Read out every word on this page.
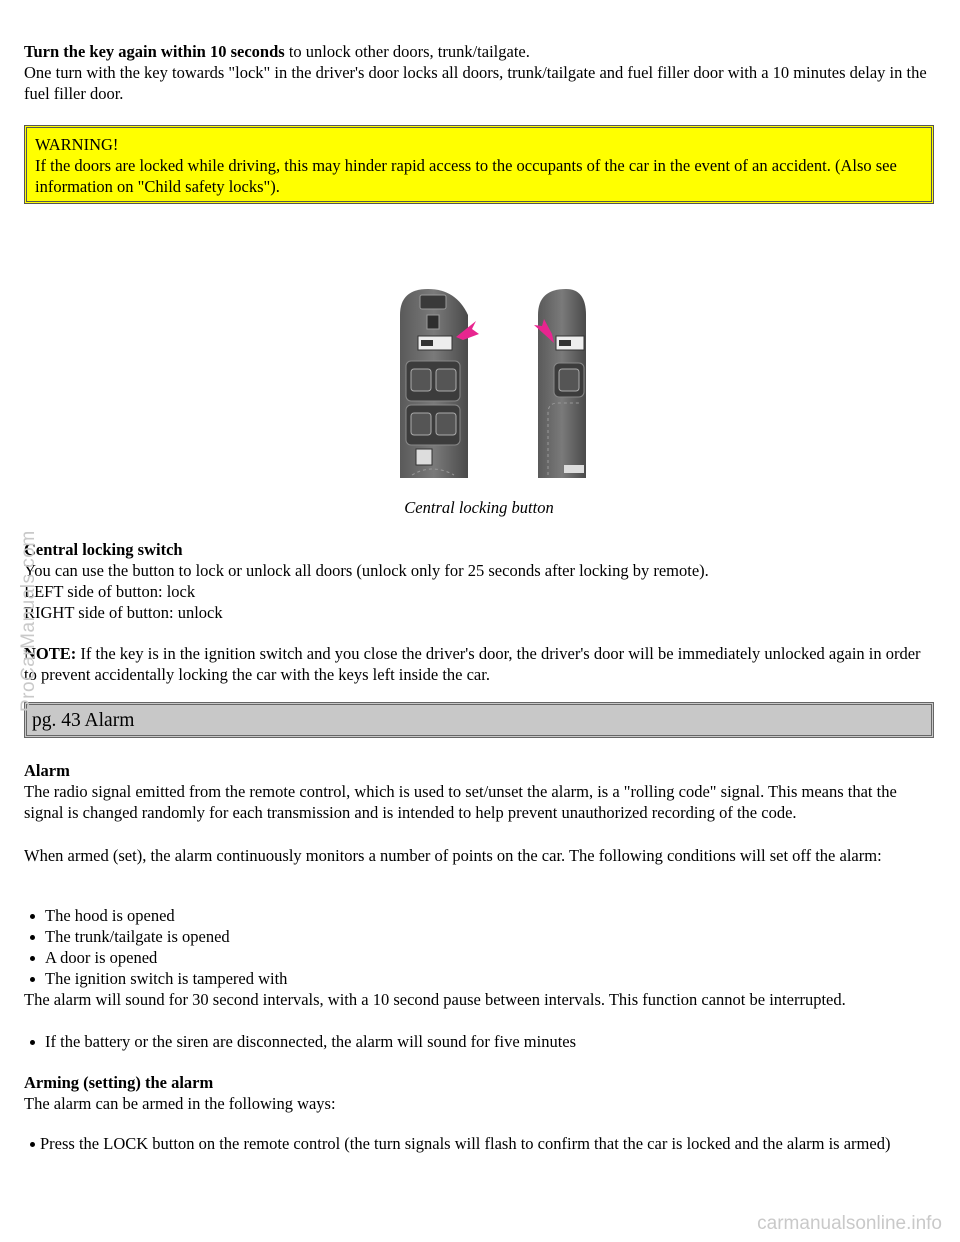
Turn the key again within 10 seconds to unlock other doors, trunk/tailgate.

One turn with the key towards "lock" in the driver's door locks all doors, trunk/tailgate and fuel filler door with a 10 minutes delay in the fuel filler door.

WARNING!

If the doors are locked while driving, this may hinder rapid access to the occupants of the car in the event of an accident. (Also see information on "Child safety locks").

Central locking button

Central locking switch

You can use the button to lock or unlock all doors (unlock only for 25 seconds after locking by remote).

LEFT side of button: lock

RIGHT side of button: unlock

NOTE: If the key is in the ignition switch and you close the driver's door, the driver's door will be immediately unlocked again in order to prevent accidentally locking the car with the keys left inside the car.

pg. 43 Alarm

Alarm

The radio signal emitted from the remote control, which is used to set/unset the alarm, is a "rolling code" signal. This means that the signal is changed randomly for each transmission and is intended to help prevent unauthorized recording of the code.

When armed (set), the alarm continuously monitors a number of points on the car. The following conditions will set off the alarm:

The hood is opened
The trunk/tailgate is opened
A door is opened
The ignition switch is tampered with

The alarm will sound for 30 second intervals, with a 10 second pause between intervals. This function cannot be interrupted.

If the battery or the siren are disconnected, the alarm will sound for five minutes

Arming (setting) the alarm

The alarm can be armed in the following ways:

Press the LOCK button on the remote control (the turn signals will flash to confirm that the car is locked and the alarm is armed)
ProCarManuals.com
carmanualsonline.info
